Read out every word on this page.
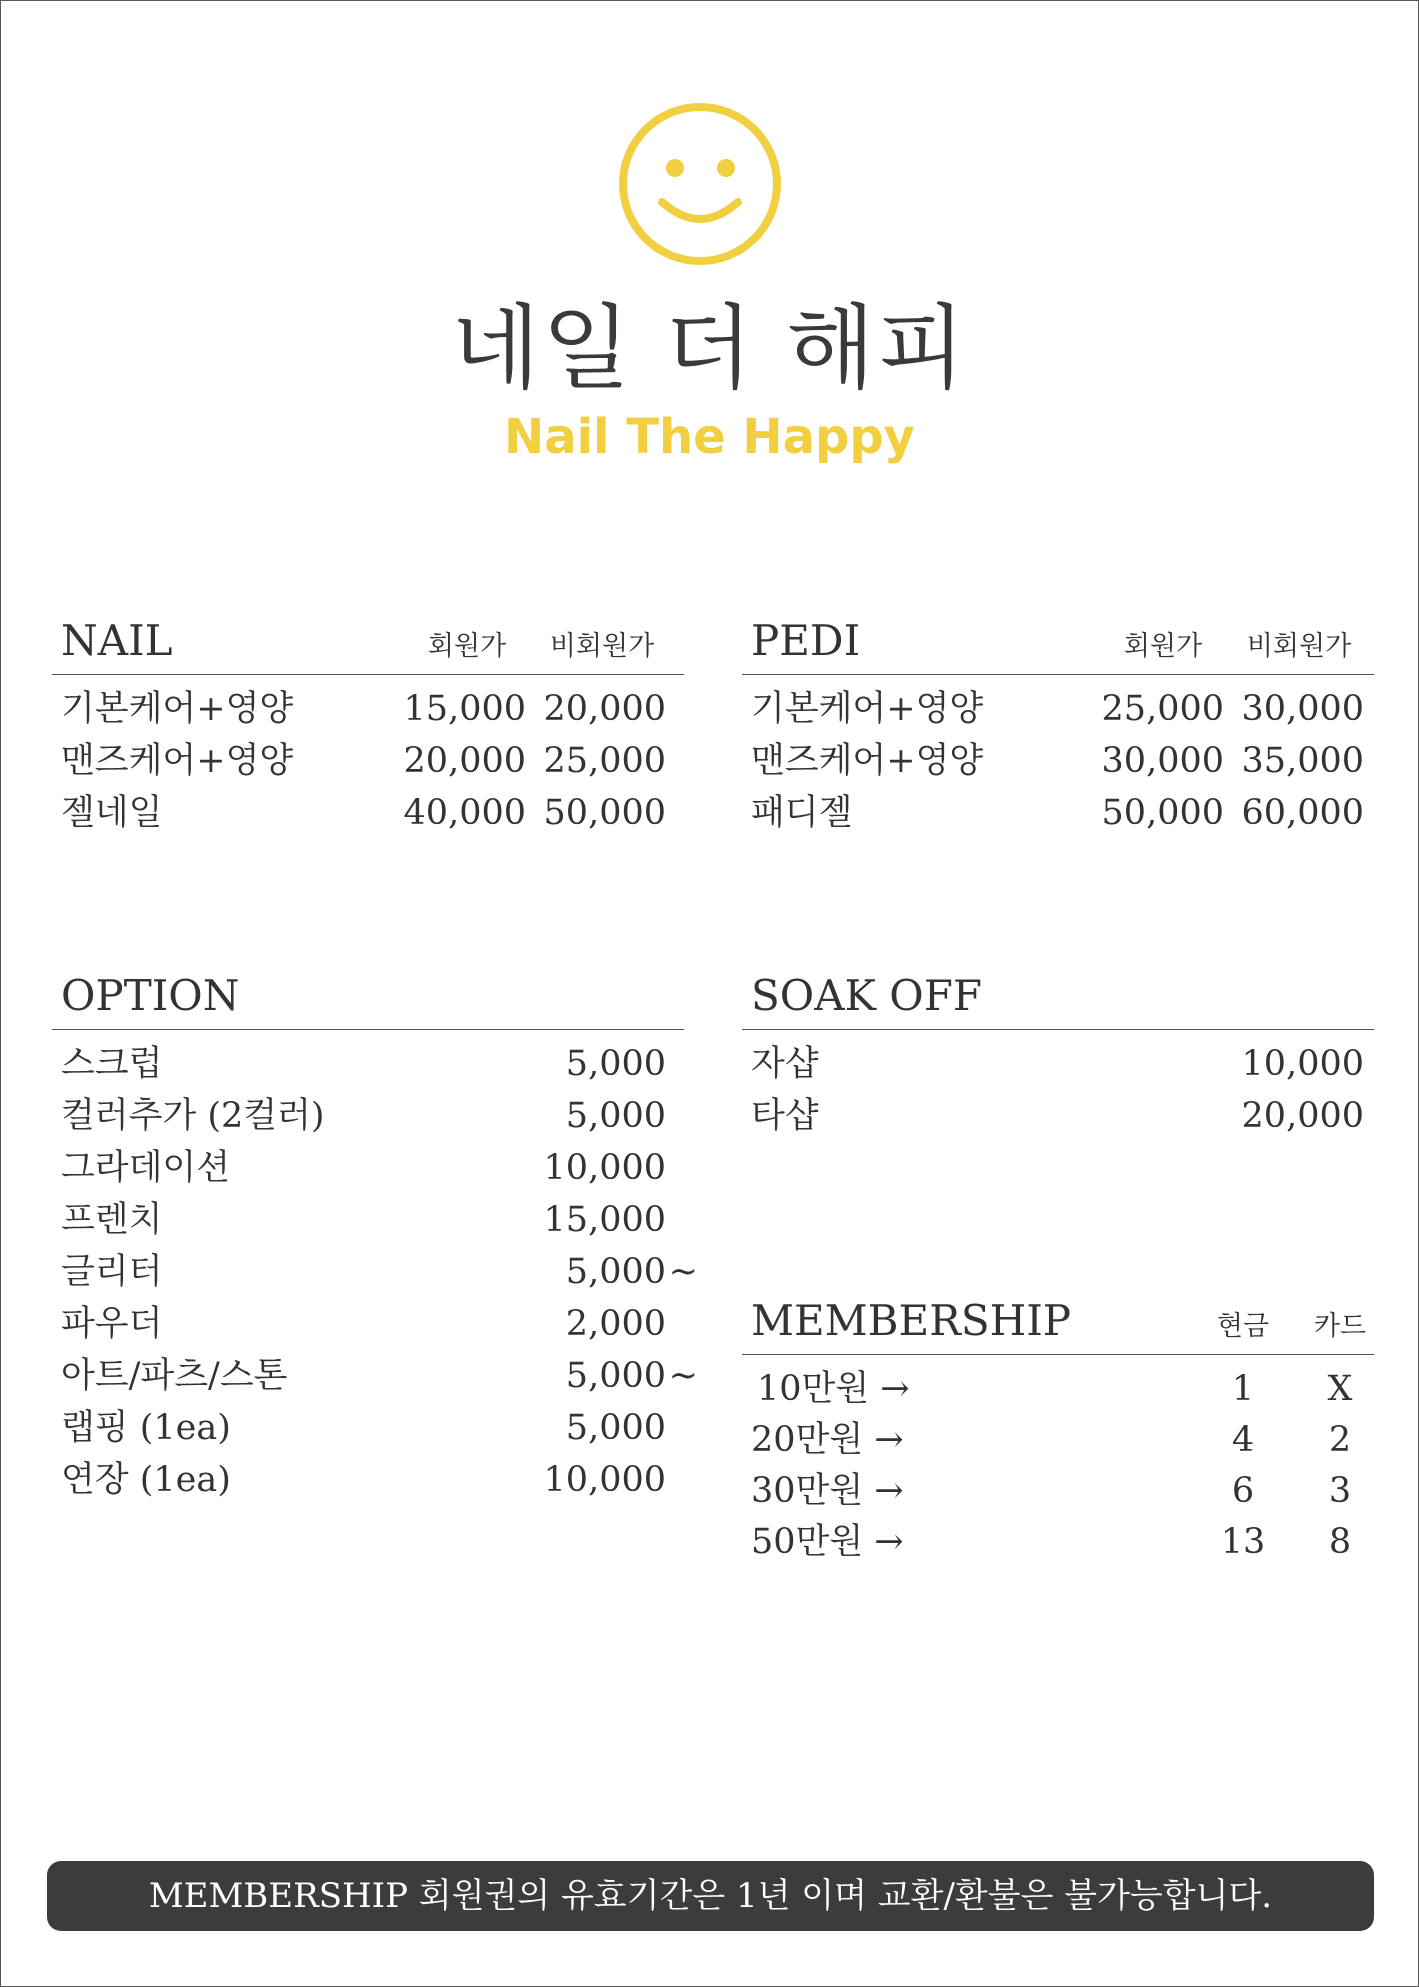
네일 더 해피
Nail The Happy
NAIL	회원가	비회원가
기본케어+영양	15,000 20,000
맨즈케어+영양	20,000 25,000
젤네일	40,000 50,000
PEDI	회원가	비회원가
기본케어+영양	25,000 30,000
맨즈케어+영양	30,000 35,000
패디젤	50,000 60,000
OPTION
스크럽	5,000
컬러추가 (2컬러)	5,000
그라데이션	10,000
프렌치	15,000
글리터	5,000 ~
파우더	2,000
아트/파츠/스톤	5,000 ~
랩핑 (1ea)	5,000
연장 (1ea)	10,000
SOAK OFF
자샵	10,000
타샵	20,000
MEMBERSHIP	현금	카드
10만원 →	1	X
20만원 →	4	2
30만원 →	6	3
50만원 →	13	8
MEMBERSHIP 회원권의 유효기간은 1년 이며 교환/환불은 불가능합니다.
